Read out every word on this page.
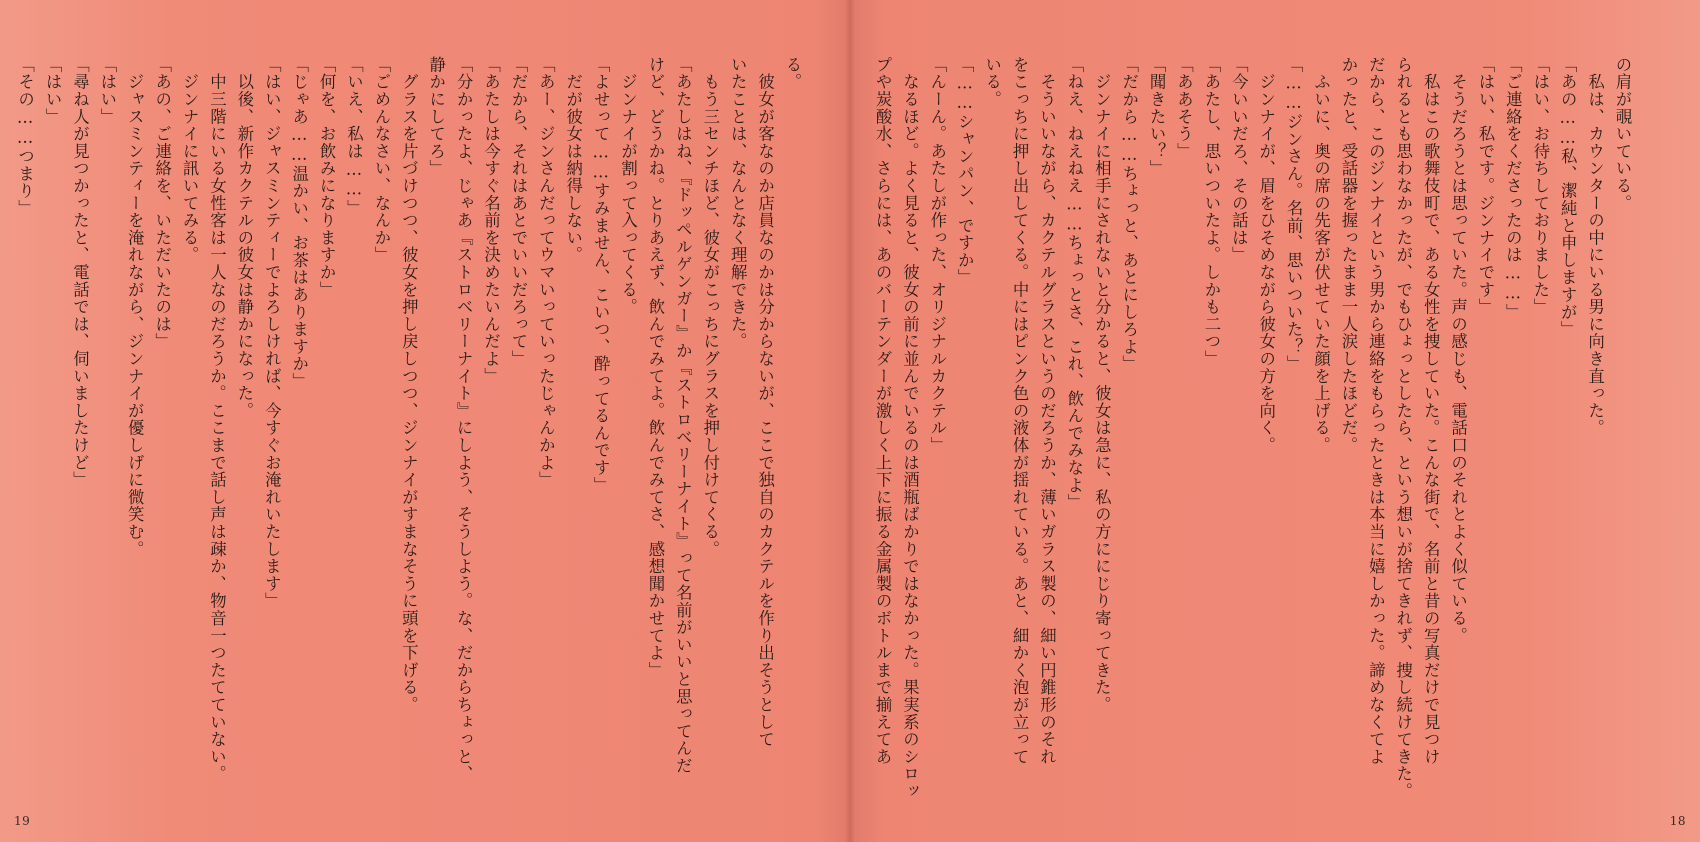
る。
　彼女が客なのか店員なのかは分からないが、ここで独自のカクテルを作り出そうとして
いたことは、なんとなく理解できた。
　もう三センチほど、彼女がこっちにグラスを押し付けてくる。
「あたしはね、『ドッペルゲンガー』か『ストロベリーナイト』って名前がいいと思ってんだ
けど、どうかね。とりあえず、飲んでみてよ。飲んでみてさ、感想聞かせてよ」
　ジンナイが割って入ってくる。
「よせって……すみません、こいつ、酔ってるんです」
　だが彼女は納得しない。
「あー、ジンさんだってウマいっていったじゃんかよ」
「だから、それはあとでいいだろって」
「あたしは今すぐ名前を決めたいんだよ」
「分かったよ、じゃあ『ストロベリーナイト』にしよう、そうしよう。な、だからちょっと、
静かにしてろ」
　グラスを片づけつつ、彼女を押し戻しつつ、ジンナイがすまなそうに頭を下げる。
「ごめんなさい、なんか」
「いえ、私は……」
「何を、お飲みになりますか」
「じゃあ……温かい、お茶はありますか」
「はい、ジャスミンティーでよろしければ、今すぐお淹れいたします」
　以後、新作カクテルの彼女は静かになった。
　中三階にいる女性客は一人なのだろうか。ここまで話し声は疎か、物音一つたてていない。
　ジンナイに訊いてみる。
「あの、ご連絡を、いただいたのは」
　ジャスミンティーを淹れながら、ジンナイが優しげに微笑む。
「はい」
「尋ね人が見つかったと、電話では、伺いましたけど」
「はい」
「その……つまり」
19
の肩が覗いている。
　私は、カウンターの中にいる男に向き直った。
「あの……私、潔純と申しますが」
「はい、お待ちしておりました」
「ご連絡をくださったのは……」
「はい、私です。ジンナイです」
　そうだろうとは思っていた。声の感じも、電話口のそれとよく似ている。
　私はこの歌舞伎町で、ある女性を捜していた。こんな街で、名前と昔の写真だけで見つけ
られるとも思わなかったが、でもひょっとしたら、という想いが捨てきれず、捜し続けてきた。
だから、このジンナイという男から連絡をもらったときは本当に嬉しかった。諦めなくてよ
かったと、受話器を握ったまま一人涙したほどだ。
　ふいに、奥の席の先客が伏せていた顔を上げる。
「……ジンさん。名前、思いついた？」
　ジンナイが、眉をひそめながら彼女の方を向く。
「今いいだろ、その話は」
「あたし、思いついたよ。しかも二つ」
「ああそう」
「聞きたい？」
「だから……ちょっと、あとにしろよ」
　ジンナイに相手にされないと分かると、彼女は急に、私の方ににじり寄ってきた。
「ねえ、ねえねえ……ちょっとさ、これ、飲んでみなよ」
　そういいながら、カクテルグラスというのだろうか、薄いガラス製の、細い円錐形のそれ
をこっちに押し出してくる。中にはピンク色の液体が揺れている。あと、細かく泡が立って
いる。
「……シャンパン、ですか」
「んーん。あたしが作った、オリジナルカクテル」
　なるほど。よく見ると、彼女の前に並んでいるのは酒瓶ばかりではなかった。果実系のシロッ
プや炭酸水、さらには、あのバーテンダーが激しく上下に振る金属製のボトルまで揃えてあ
18
